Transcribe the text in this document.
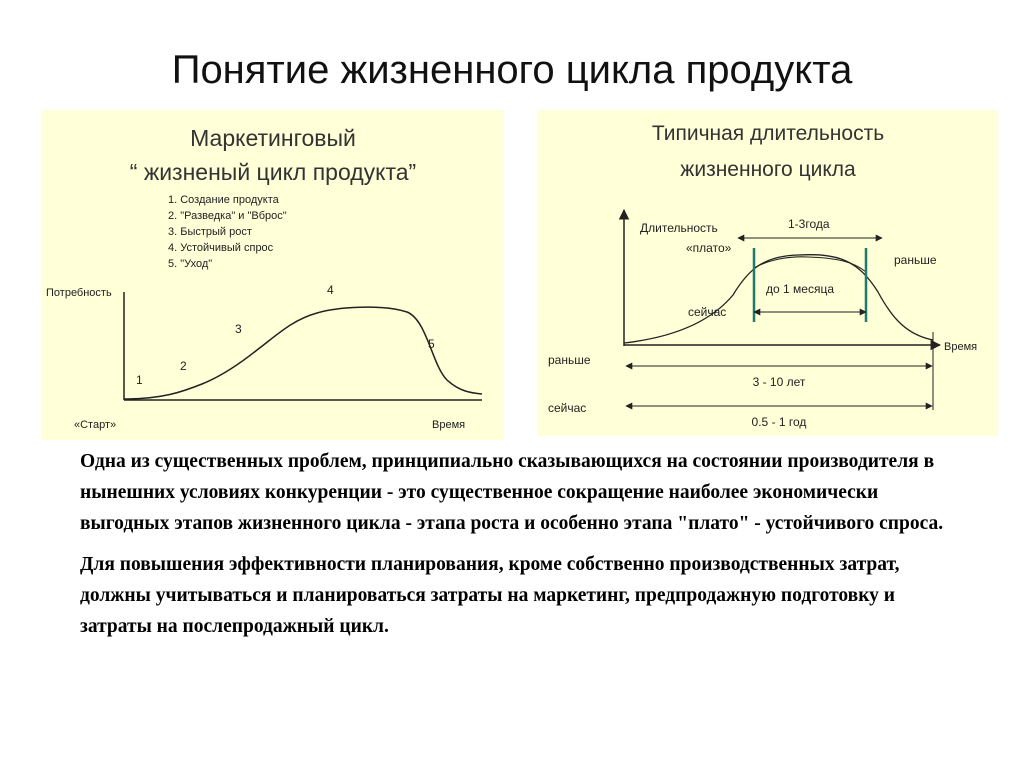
Понятие жизненного цикла продукта
Маркетинговый
“ жизненый цикл продукта”
1. Создание продукта
2. "Разведка" и "Вброс"
3. Быстрый рост
4. Устойчивый спрос
5. "Уход"
Потребность
1
2
3
4
5
«Старт»	Время
Типичная длительность
жизненного цикла
Время
1-3года
до 1 месяца
Длительность
«плато»
раньше
сейчас
раньше
3 - 10 лет
сейчас
0.5 - 1 год

Одна из существенных проблем, принципиально сказывающихся на состоянии производителя в нынешних условиях конкуренции - это существенное сокращение наиболее экономически выгодных этапов жизненного цикла - этапа роста и особенно этапа "плато" - устойчивого спроса.

Для повышения эффективности планирования, кроме собственно производственных затрат, должны учитываться и планироваться затраты на маркетинг, предпродажную подготовку и затраты на послепродажный цикл.
